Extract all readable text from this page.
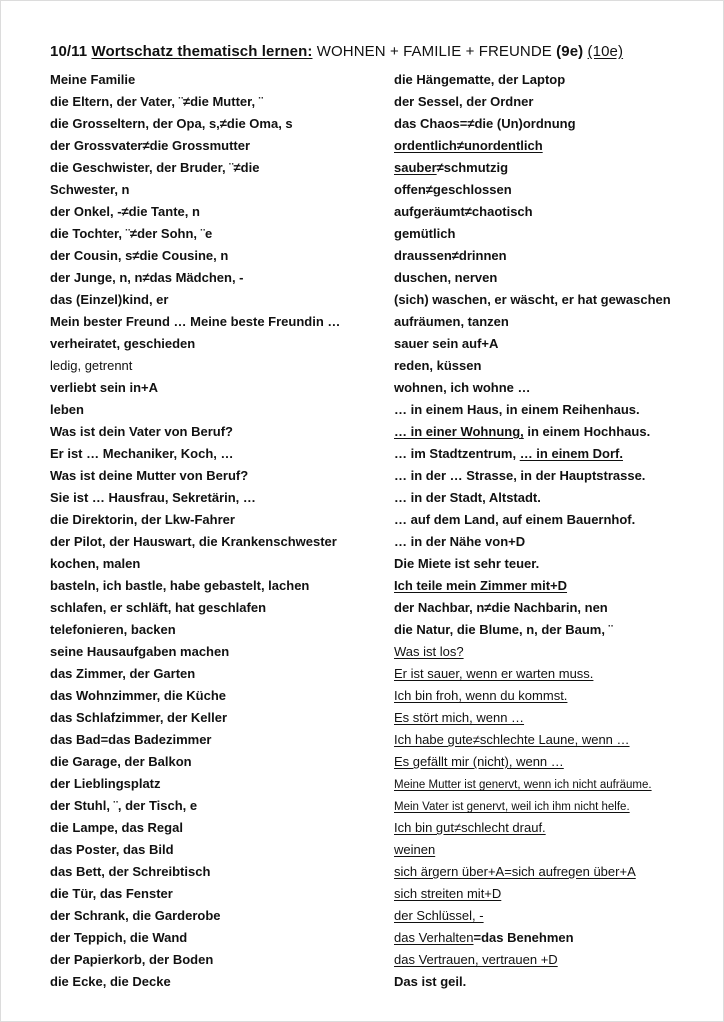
10/11 Wortschatz thematisch lernen: WOHNEN + FAMILIE + FREUNDE (9e) (10e)
Meine Familie
die Eltern, der Vater, ¨≠die Mutter, ¨
die Grosseltern, der Opa, s,≠die Oma, s
der Grossvater≠die Grossmutter
die Geschwister, der Bruder, ¨≠die
Schwester, n
der Onkel, -≠die Tante, n
die Tochter, ¨≠der Sohn, ¨e
der Cousin, s≠die Cousine, n
der Junge, n, n≠das Mädchen, -
das (Einzel)kind, er
Mein bester Freund … Meine beste Freundin …
verheiratet, geschieden
ledig, getrennt
verliebt sein in+A
leben
Was ist dein Vater von Beruf?
Er ist … Mechaniker, Koch, …
Was ist deine Mutter von Beruf?
Sie ist … Hausfrau, Sekretärin, …
die Direktorin, der Lkw-Fahrer
der Pilot, der Hauswart, die Krankenschwester
kochen, malen
basteln, ich bastle, habe gebastelt, lachen
schlafen, er schläft, hat geschlafen
telefonieren, backen
seine Hausaufgaben machen
das Zimmer, der Garten
das Wohnzimmer, die Küche
das Schlafzimmer, der Keller
das Bad=das Badezimmer
die Garage, der Balkon
der Lieblingsplatz
der Stuhl, ¨, der Tisch, e
die Lampe, das Regal
das Poster, das Bild
das Bett, der Schreibtisch
die Tür, das Fenster
der Schrank, die Garderobe
der Teppich, die Wand
der Papierkorb, der Boden
die Ecke, die Decke
die Hängematte, der Laptop
der Sessel, der Ordner
das Chaos=≠die (Un)ordnung
ordentlich≠unordentlich
sauber≠schmutzig
offen≠geschlossen
aufgeräumt≠chaotisch
gemütlich
draussen≠drinnen
duschen, nerven
(sich) waschen, er wäscht, er hat gewaschen
aufräumen, tanzen
sauer sein auf+A
reden, küssen
wohnen, ich wohne …
… in einem Haus, in einem Reihenhaus.
… in einer Wohnung, in einem Hochhaus.
… im Stadtzentrum, … in einem Dorf.
… in der … Strasse, in der Hauptstrasse.
… in der Stadt, Altstadt.
… auf dem Land, auf einem Bauernhof.
… in der Nähe von+D
Die Miete ist sehr teuer.
Ich teile mein Zimmer mit+D
der Nachbar, n≠die Nachbarin, nen
die Natur, die Blume, n, der Baum, ¨
Was ist los?
Er ist sauer, wenn er warten muss.
Ich bin froh, wenn du kommst.
Es stört mich, wenn …
Ich habe gute≠schlechte Laune, wenn …
Es gefällt mir (nicht), wenn …
Meine Mutter ist genervt, wenn ich nicht aufräume.
Mein Vater ist genervt, weil ich ihm nicht helfe.
Ich bin gut≠schlecht drauf.
weinen
sich ärgern über+A=sich aufregen über+A
sich streiten mit+D
der Schlüssel, -
das Verhalten=das Benehmen
das Vertrauen, vertrauen +D
Das ist geil.
